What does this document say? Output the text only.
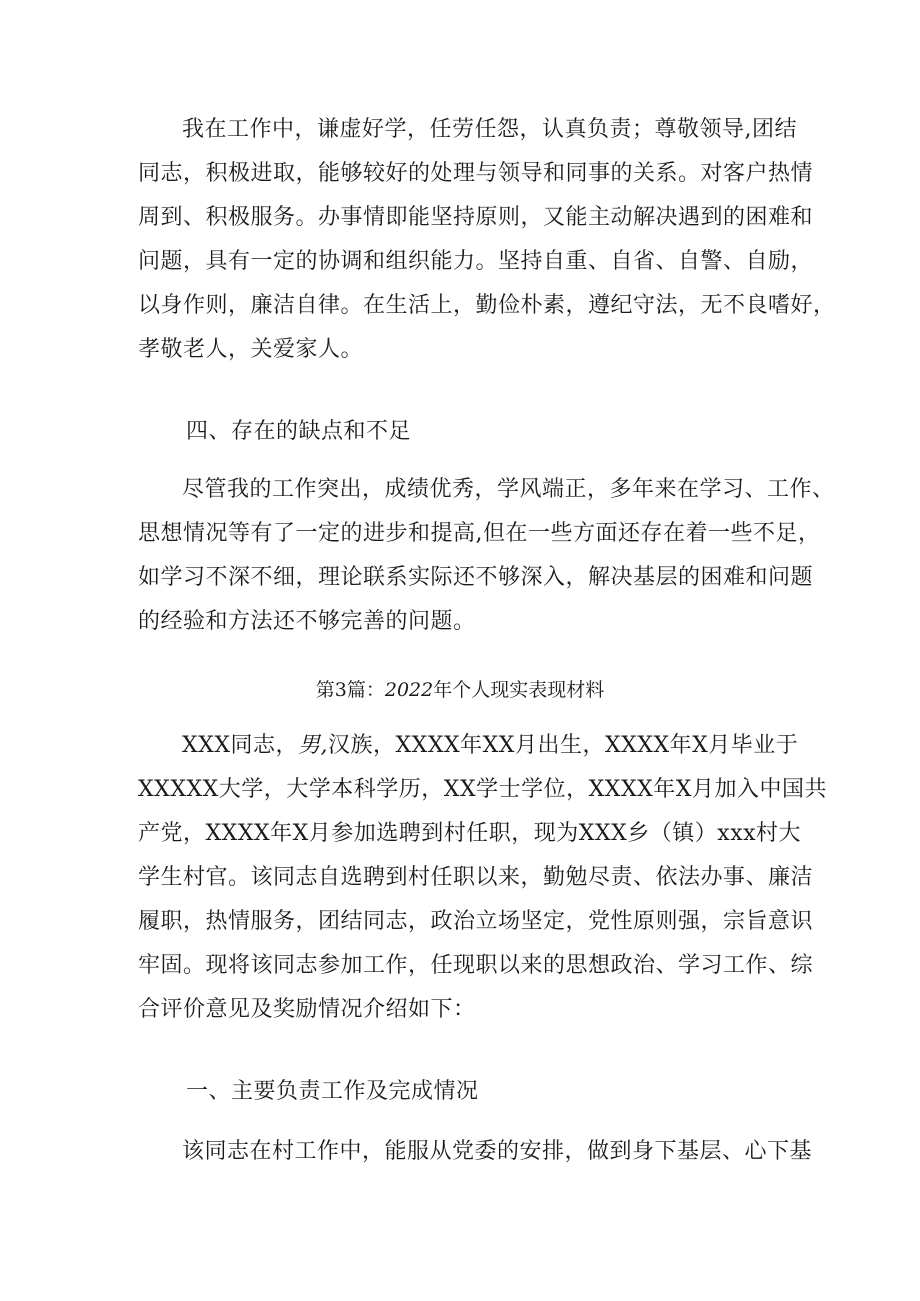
我在工作中，谦虚好学，任劳任怨，认真负责；尊敬领导,团结
同志，积极进取，能够较好的处理与领导和同事的关系。对客户热情
周到、积极服务。办事情即能坚持原则，又能主动解决遇到的困难和
问题，具有一定的协调和组织能力。坚持自重、自省、自警、自励，
以身作则，廉洁自律。在生活上，勤俭朴素，遵纪守法，无不良嗜好，
孝敬老人，关爱家人。
四、存在的缺点和不足
尽管我的工作突出，成绩优秀，学风端正，多年来在学习、工作、
思想情况等有了一定的进步和提高,但在一些方面还存在着一些不足，
如学习不深不细，理论联系实际还不够深入，解决基层的困难和问题
的经验和方法还不够完善的问题。
第3篇：2022年个人现实表现材料
XXX同志，男,汉族，XXXX年XX月出生，XXXX年X月毕业于
XXXXX大学，大学本科学历，XX学士学位，XXXX年X月加入中国共
产党，XXXX年X月参加选聘到村任职，现为XXX乡（镇）xxx村大
学生村官。该同志自选聘到村任职以来，勤勉尽责、依法办事、廉洁
履职，热情服务，团结同志，政治立场坚定，党性原则强，宗旨意识
牢固。现将该同志参加工作，任现职以来的思想政治、学习工作、综
合评价意见及奖励情况介绍如下：
一、主要负责工作及完成情况
该同志在村工作中，能服从党委的安排，做到身下基层、心下基
